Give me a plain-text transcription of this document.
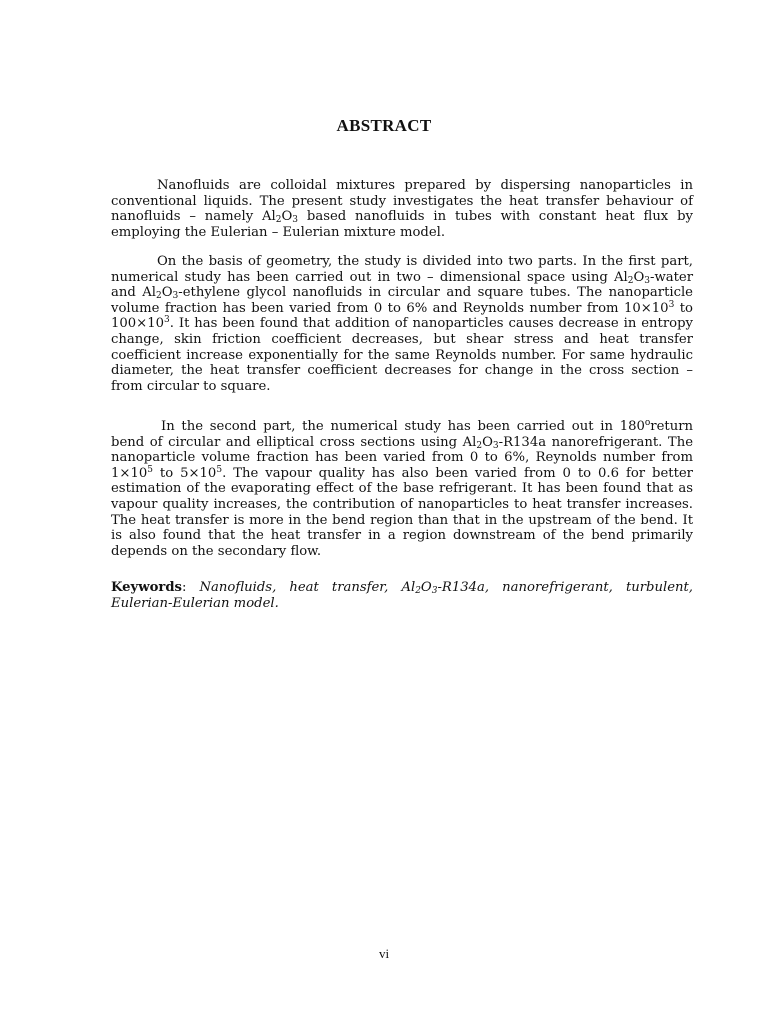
ABSTRACT

Nanofluids are colloidal mixtures prepared by dispersing nanoparticles in conventional liquids. The present study investigates the heat transfer behaviour of nanofluids – namely $Al_2O_3$ based nanofluids in tubes with constant heat flux by employing the Eulerian – Eulerian mixture model.

On the basis of geometry, the study is divided into two parts. In the first part, numerical study has been carried out in two – dimensional space using $Al_2O_3$-water and $Al_2O_3$-ethylene glycol nanofluids in circular and square tubes. The nanoparticle volume fraction has been varied from 0 to 6% and Reynolds number from $10\times 10^3$ to $100\times 10^3$. It has been found that addition of nanoparticles causes decrease in entropy change, skin friction coefficient decreases, but shear stress and heat transfer coefficient increase exponentially for the same Reynolds number. For same hydraulic diameter, the heat transfer coefficient decreases for change in the cross section – from circular to square.

In the second part, the numerical study has been carried out in 180$^o$return bend of circular and elliptical cross sections using $Al_2O_3-R134a$ nanorefrigerant. The nanoparticle volume fraction has been varied from 0 to 6%, Reynolds number from $1\times 10^5$ to $5\times 10^5$. The vapour quality has also been varied from 0 to 0.6 for better estimation of the evaporating effect of the base refrigerant. It has been found that as vapour quality increases, the contribution of nanoparticles to heat transfer increases. The heat transfer is more in the bend region than that in the upstream of the bend. It is also found that the heat transfer in a region downstream of the bend primarily depends on the secondary flow.

Keywords: Nanofluids, heat transfer, $Al_2O_3-R134a$, nanorefrigerant, turbulent, Eulerian-Eulerian model.

vi
